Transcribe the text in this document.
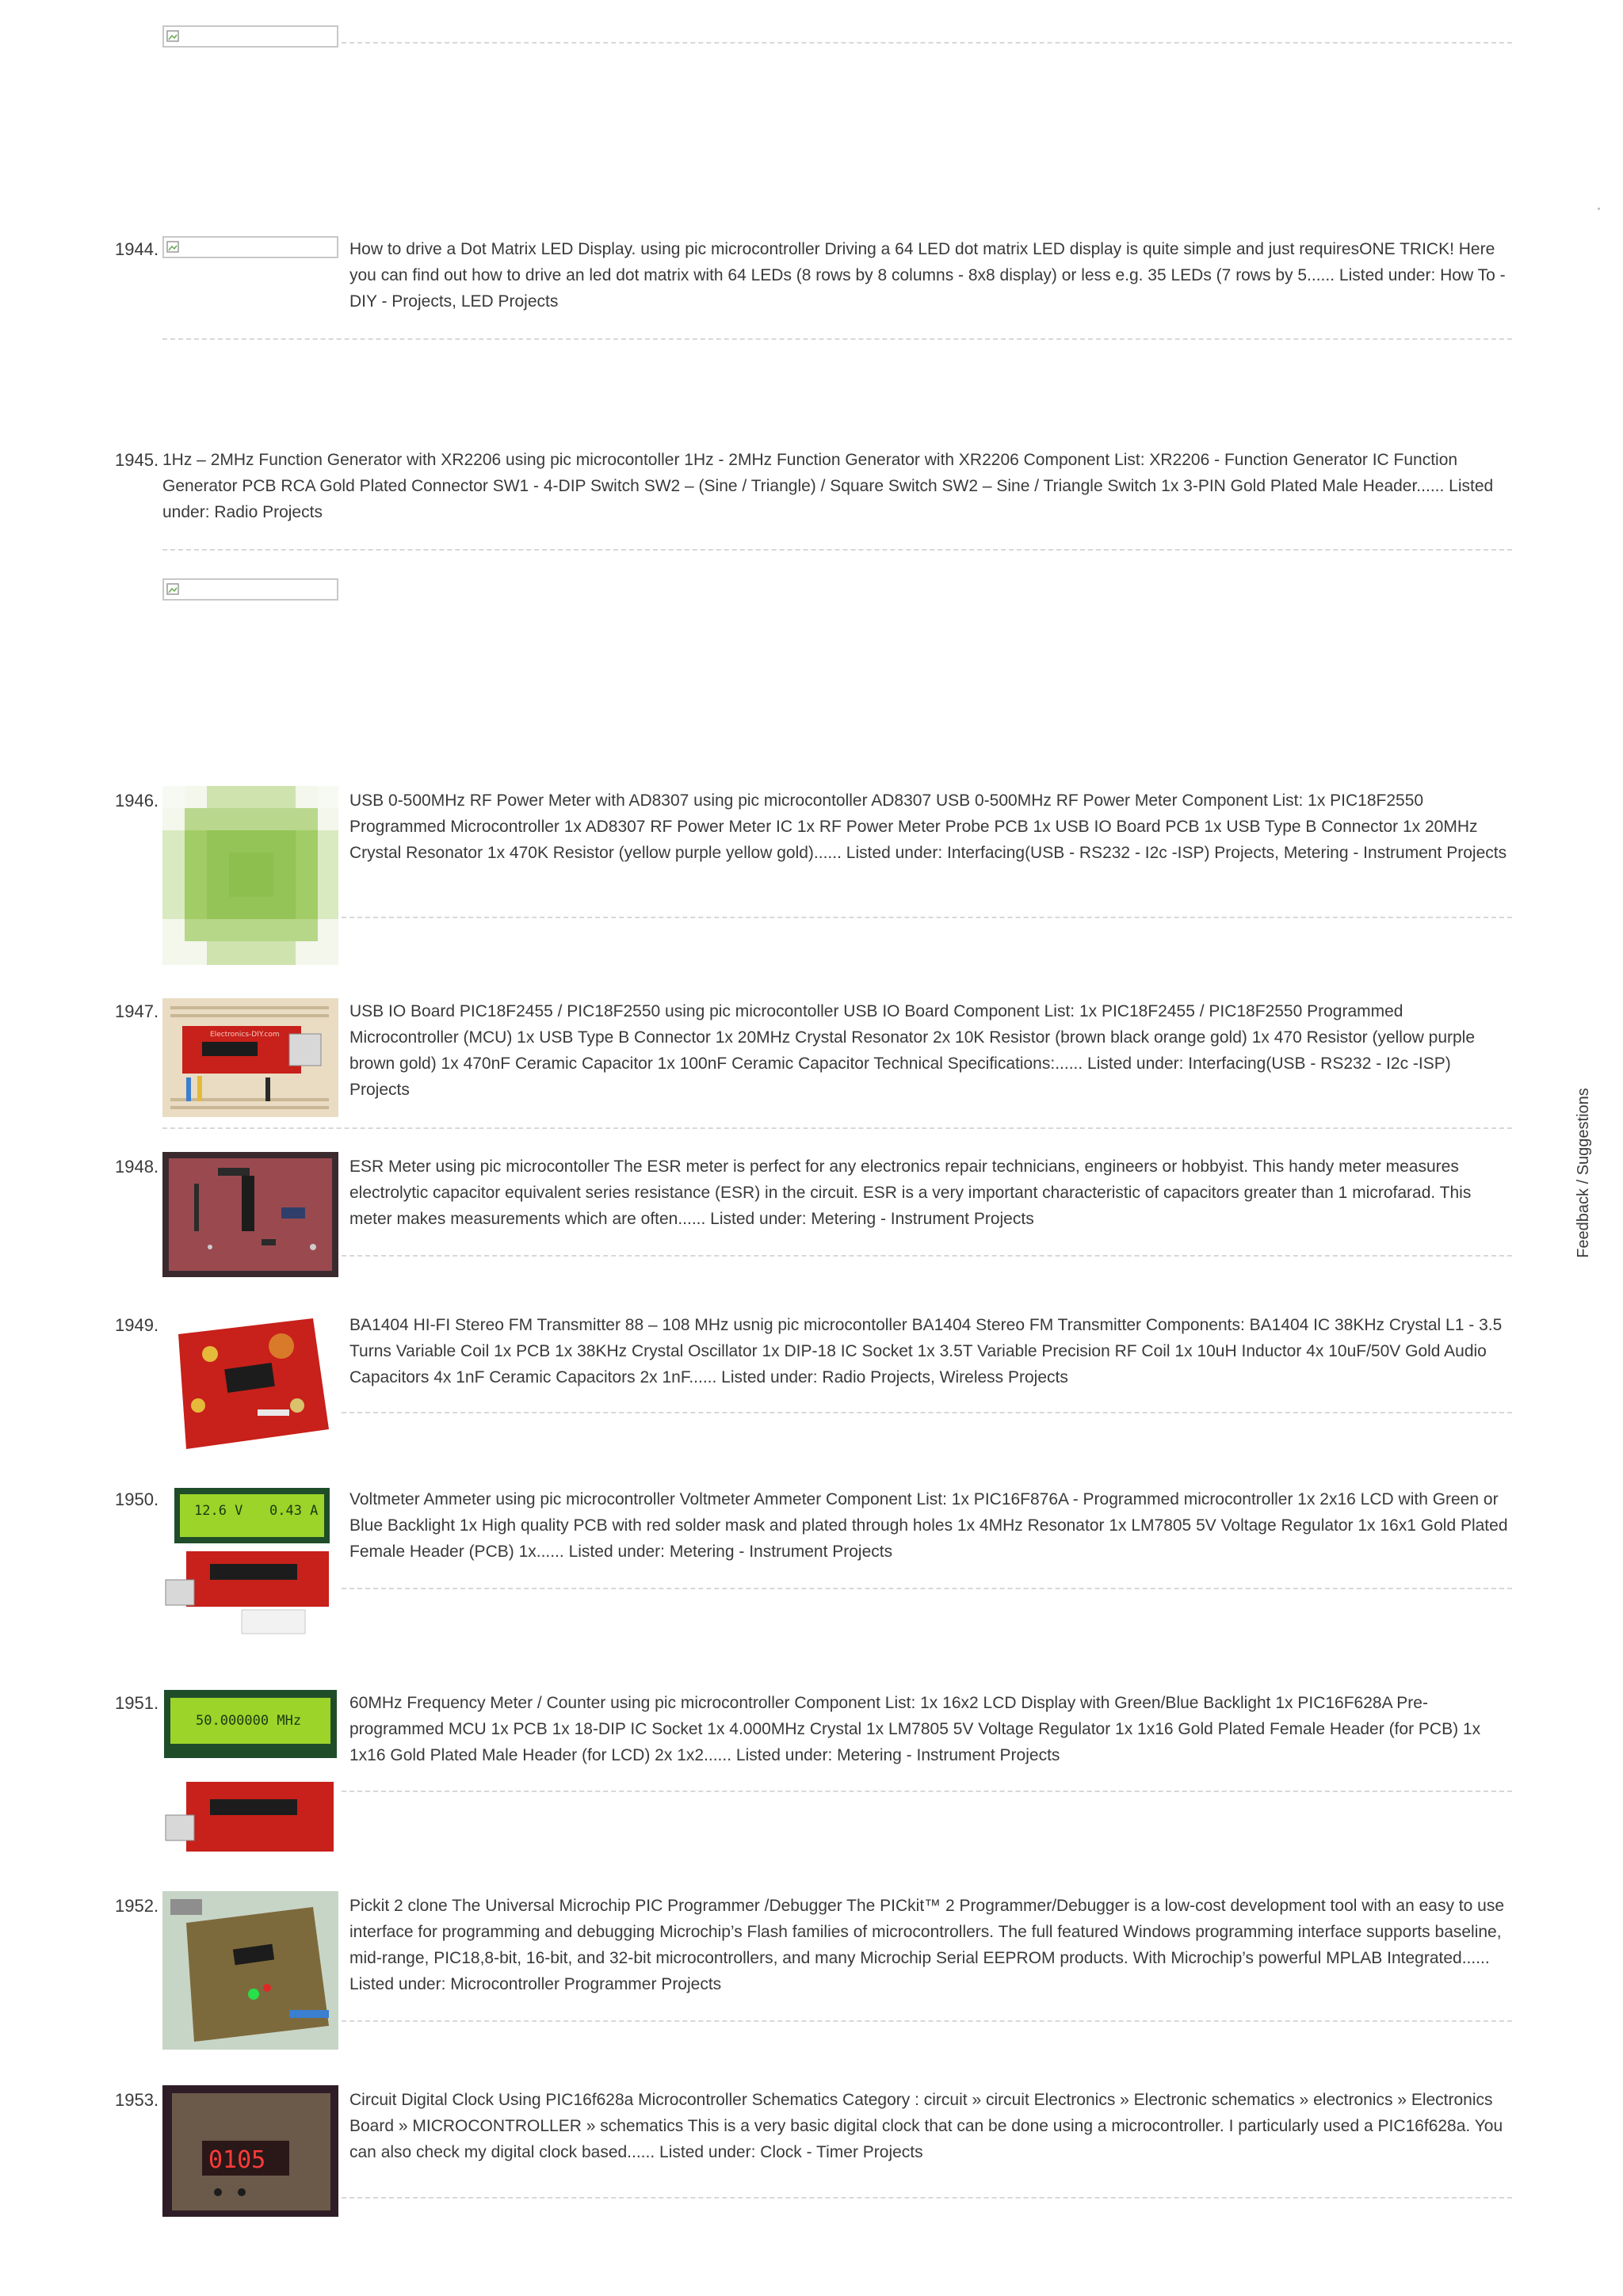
1944.	How to drive a Dot Matrix LED Display. using pic microcontroller Driving a 64 LED dot matrix LED display is quite simple and just requiresONE TRICK! Here you can find out how to drive an led dot matrix with 64 LEDs (8 rows by 8 columns - 8x8 display) or less e.g. 35 LEDs (7 rows by 5...... Listed under: How To - DIY - Projects, LED Projects
1945. 1Hz – 2MHz Function Generator with XR2206 using pic microcontoller 1Hz - 2MHz Function Generator with XR2206 Component List: XR2206 - Function Generator IC Function Generator PCB RCA Gold Plated Connector SW1 - 4-DIP Switch SW2 – (Sine / Triangle) / Square Switch SW2 – Sine / Triangle Switch 1x 3-PIN Gold Plated Male Header...... Listed under: Radio Projects
1946.	USB 0-500MHz RF Power Meter with AD8307 using pic microcontoller AD8307 USB 0-500MHz RF Power Meter Component List: 1x PIC18F2550 Programmed Microcontroller 1x AD8307 RF Power Meter IC 1x RF Power Meter Probe PCB 1x USB IO Board PCB 1x USB Type B Connector 1x 20MHz Crystal Resonator 1x 470K Resistor (yellow purple yellow gold)...... Listed under: Interfacing(USB - RS232 - I2c -ISP) Projects, Metering - Instrument Projects
1947.
Electronics-DIY.com
USB IO Board PIC18F2455 / PIC18F2550 using pic microcontoller USB IO Board Component List: 1x PIC18F2455 / PIC18F2550 Programmed Microcontroller (MCU) 1x USB Type B Connector 1x 20MHz Crystal Resonator 2x 10K Resistor (brown black orange gold) 1x 470 Resistor (yellow purple brown gold) 1x 470nF Ceramic Capacitor 1x 100nF Ceramic Capacitor Technical Specifications:...... Listed under: Interfacing(USB - RS232 - I2c -ISP) Projects
1948.	ESR Meter using pic microcontoller The ESR meter is perfect for any electronics repair technicians, engineers or hobbyist. This handy meter measures electrolytic capacitor equivalent series resistance (ESR) in the circuit. ESR is a very important characteristic of capacitors greater than 1 microfarad. This meter makes measurements which are often...... Listed under: Metering - Instrument Projects
1949.	BA1404 HI-FI Stereo FM Transmitter 88 – 108 MHz usnig pic microcontoller BA1404 Stereo FM Transmitter Components: BA1404 IC 38KHz Crystal L1 - 3.5 Turns Variable Coil 1x PCB 1x 38KHz Crystal Oscillator 1x DIP-18 IC Socket 1x 3.5T Variable Precision RF Coil 1x 10uH Inductor 4x 10uF/50V Gold Audio Capacitors 4x 1nF Ceramic Capacitors 2x 1nF...... Listed under: Radio Projects, Wireless Projects
1950.
12.6 V 0.43 A
Voltmeter Ammeter using pic microcontroller Voltmeter Ammeter Component List: 1x PIC16F876A - Programmed microcontroller 1x 2x16 LCD with Green or Blue Backlight 1x High quality PCB with red solder mask and plated through holes 1x 4MHz Resonator 1x LM7805 5V Voltage Regulator 1x 16x1 Gold Plated Female Header (PCB) 1x...... Listed under: Metering - Instrument Projects
1951.
50.000000 MHz
60MHz Frequency Meter / Counter using pic microcontroller Component List: 1x 16x2 LCD Display with Green/Blue Backlight 1x PIC16F628A Pre-programmed MCU 1x PCB 1x 18-DIP IC Socket 1x 4.000MHz Crystal 1x LM7805 5V Voltage Regulator 1x 1x16 Gold Plated Female Header (for PCB) 1x 1x16 Gold Plated Male Header (for LCD) 2x 1x2...... Listed under: Metering - Instrument Projects
1952.	Pickit 2 clone The Universal Microchip PIC Programmer /Debugger The PICkit™ 2 Programmer/Debugger is a low-cost development tool with an easy to use interface for programming and debugging Microchip’s Flash families of microcontrollers. The full featured Windows programming interface supports baseline, mid-range, PIC18,8-bit, 16-bit, and 32-bit microcontrollers, and many Microchip Serial EEPROM products. With Microchip’s powerful MPLAB Integrated...... Listed under: Microcontroller Programmer Projects
1953.
0105
Circuit Digital Clock Using PIC16f628a Microcontroller Schematics Category : circuit » circuit Electronics » Electronic schematics » electronics » Electronics Board » MICROCONTROLLER » schematics This is a very basic digital clock that can be done using a microcontroller. I particularly used a PIC16f628a. You can also check my digital clock based...... Listed under: Clock - Timer Projects
Feedback / Suggestions
